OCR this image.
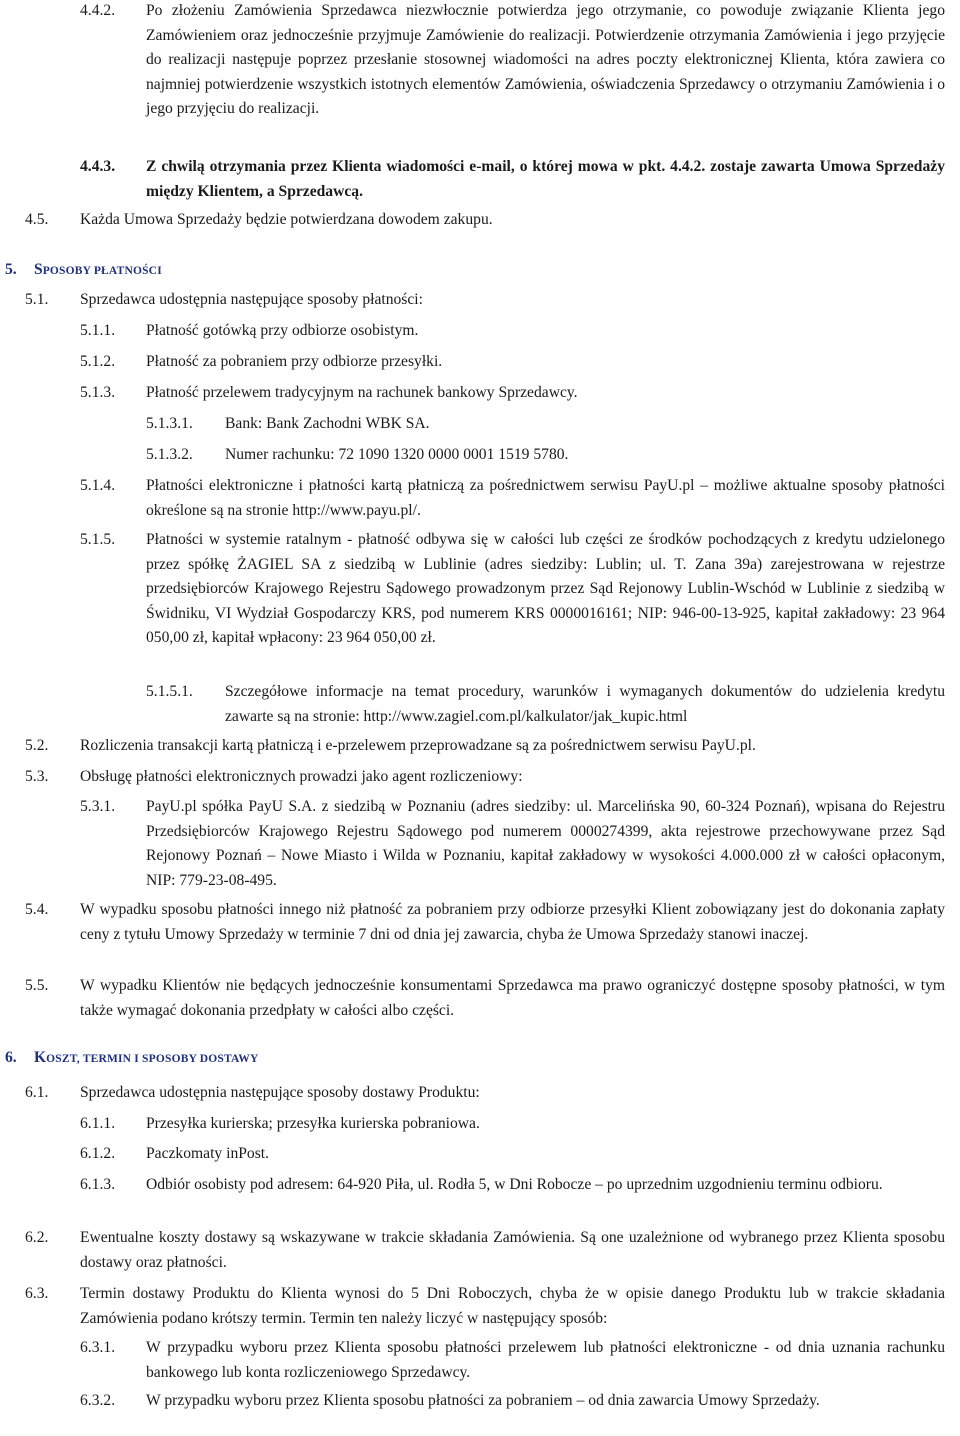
4.4.2. Po złożeniu Zamówienia Sprzedawca niezwłocznie potwierdza jego otrzymanie, co powoduje związanie Klienta jego Zamówieniem oraz jednocześnie przyjmuje Zamówienie do realizacji. Potwierdzenie otrzymania Zamówienia i jego przyjęcie do realizacji następuje poprzez przesłanie stosownej wiadomości na adres poczty elektronicznej Klienta, która zawiera co najmniej potwierdzenie wszystkich istotnych elementów Zamówienia, oświadczenia Sprzedawcy o otrzymaniu Zamówienia i o jego przyjęciu do realizacji.
4.4.3. Z chwilą otrzymania przez Klienta wiadomości e-mail, o której mowa w pkt. 4.4.2. zostaje zawarta Umowa Sprzedaży między Klientem, a Sprzedawcą.
4.5. Każda Umowa Sprzedaży będzie potwierdzana dowodem zakupu.
5. SPOSOBY PŁATNOŚCI
5.1. Sprzedawca udostępnia następujące sposoby płatności:
5.1.1. Płatność gotówką przy odbiorze osobistym.
5.1.2. Płatność za pobraniem przy odbiorze przesyłki.
5.1.3. Płatność przelewem tradycyjnym na rachunek bankowy Sprzedawcy.
5.1.3.1. Bank: Bank Zachodni WBK SA.
5.1.3.2. Numer rachunku: 72 1090 1320 0000 0001 1519 5780.
5.1.4. Płatności elektroniczne i płatności kartą płatniczą za pośrednictwem serwisu PayU.pl – możliwe aktualne sposoby płatności określone są na stronie http://www.payu.pl/.
5.1.5. Płatności w systemie ratalnym - płatność odbywa się w całości lub części ze środków pochodzących z kredytu udzielonego przez spółkę ŻAGIEL SA z siedzibą w Lublinie (adres siedziby: Lublin; ul. T. Zana 39a) zarejestrowana w rejestrze przedsiębiorców Krajowego Rejestru Sądowego prowadzonym przez Sąd Rejonowy Lublin-Wschód w Lublinie z siedzibą w Świdniku, VI Wydział Gospodarczy KRS, pod numerem KRS 0000016161; NIP: 946-00-13-925, kapitał zakładowy: 23 964 050,00 zł, kapitał wpłacony: 23 964 050,00 zł.
5.1.5.1. Szczegółowe informacje na temat procedury, warunków i wymaganych dokumentów do udzielenia kredytu zawarte są na stronie: http://www.zagiel.com.pl/kalkulator/jak_kupic.html
5.2. Rozliczenia transakcji kartą płatniczą i e-przelewem przeprowadzane są za pośrednictwem serwisu PayU.pl.
5.3. Obsługę płatności elektronicznych prowadzi jako agent rozliczeniowy:
5.3.1. PayU.pl spółka PayU S.A. z siedzibą w Poznaniu (adres siedziby: ul. Marcelińska 90, 60-324 Poznań), wpisana do Rejestru Przedsiębiorców Krajowego Rejestru Sądowego pod numerem 0000274399, akta rejestrowe przechowywane przez Sąd Rejonowy Poznań – Nowe Miasto i Wilda w Poznaniu, kapitał zakładowy w wysokości 4.000.000 zł w całości opłaconym, NIP: 779-23-08-495.
5.4. W wypadku sposobu płatności innego niż płatność za pobraniem przy odbiorze przesyłki Klient zobowiązany jest do dokonania zapłaty ceny z tytułu Umowy Sprzedaży w terminie 7 dni od dnia jej zawarcia, chyba że Umowa Sprzedaży stanowi inaczej.
5.5. W wypadku Klientów nie będących jednocześnie konsumentami Sprzedawca ma prawo ograniczyć dostępne sposoby płatności, w tym także wymagać dokonania przedpłaty w całości albo części.
6. KOSZT, TERMIN I SPOSOBY DOSTAWY
6.1. Sprzedawca udostępnia następujące sposoby dostawy Produktu:
6.1.1. Przesyłka kurierska; przesyłka kurierska pobraniowa.
6.1.2. Paczkomaty inPost.
6.1.3. Odbiór osobisty pod adresem: 64-920 Piła, ul. Rodła 5, w Dni Robocze – po uprzednim uzgodnieniu terminu odbioru.
6.2. Ewentualne koszty dostawy są wskazywane w trakcie składania Zamówienia. Są one uzależnione od wybranego przez Klienta sposobu dostawy oraz płatności.
6.3. Termin dostawy Produktu do Klienta wynosi do 5 Dni Roboczych, chyba że w opisie danego Produktu lub w trakcie składania Zamówienia podano krótszy termin. Termin ten należy liczyć w następujący sposób:
6.3.1. W przypadku wyboru przez Klienta sposobu płatności przelewem lub płatności elektroniczne - od dnia uznania rachunku bankowego lub konta rozliczeniowego Sprzedawcy.
6.3.2. W przypadku wyboru przez Klienta sposobu płatności za pobraniem – od dnia zawarcia Umowy Sprzedaży.
